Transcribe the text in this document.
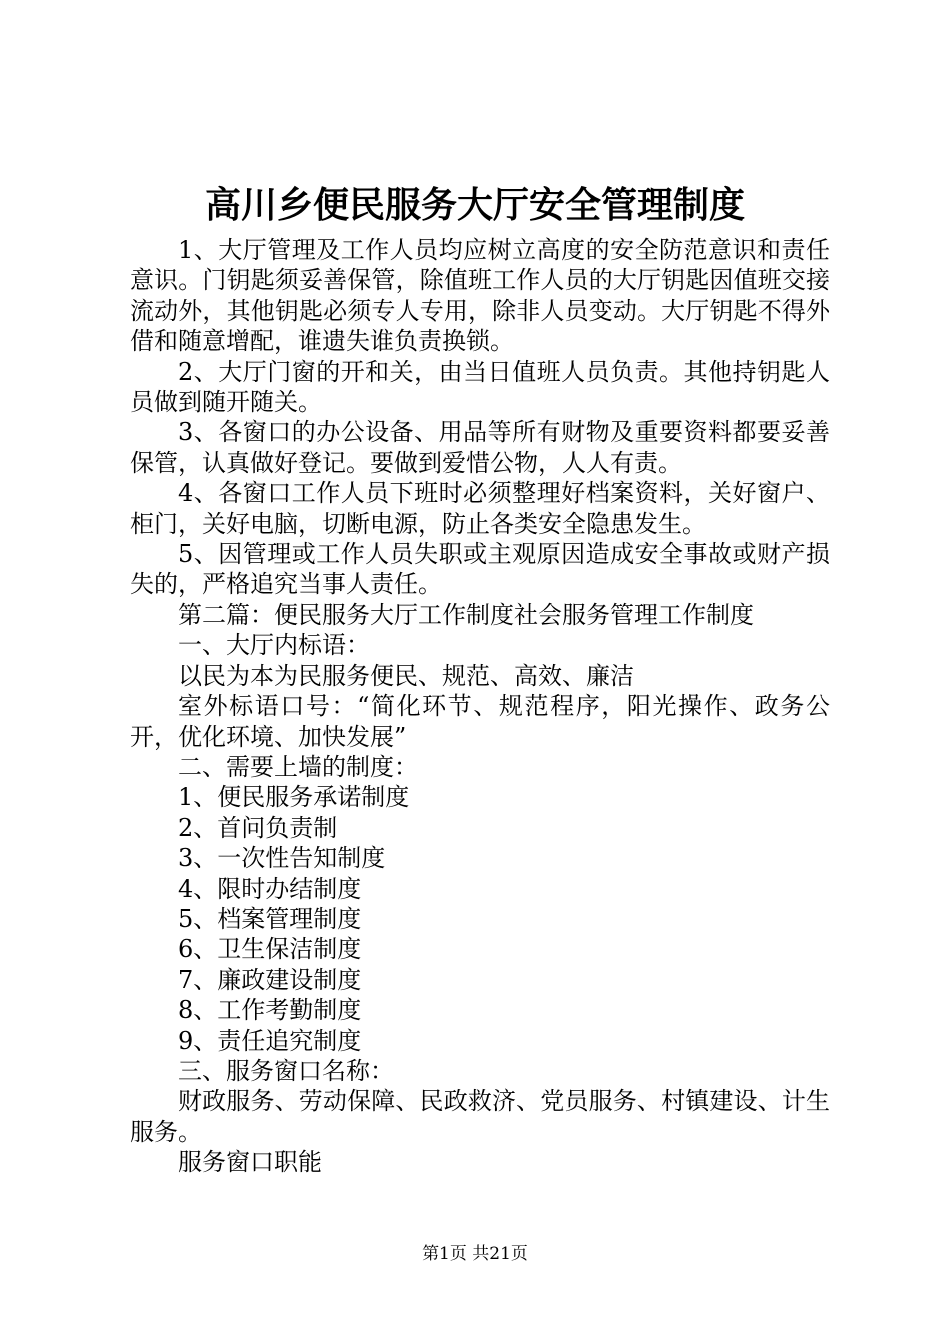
高川乡便民服务大厅安全管理制度

1、大厅管理及工作人员均应树立高度的安全防范意识和责任意识。门钥匙须妥善保管，除值班工作人员的大厅钥匙因值班交接流动外，其他钥匙必须专人专用，除非人员变动。大厅钥匙不得外借和随意增配，谁遗失谁负责换锁。

2、大厅门窗的开和关，由当日值班人员负责。其他持钥匙人员做到随开随关。

3、各窗口的办公设备、用品等所有财物及重要资料都要妥善保管，认真做好登记。要做到爱惜公物，人人有责。

4、各窗口工作人员下班时必须整理好档案资料，关好窗户、柜门，关好电脑，切断电源，防止各类安全隐患发生。

5、因管理或工作人员失职或主观原因造成安全事故或财产损失的，严格追究当事人责任。

第二篇：便民服务大厅工作制度社会服务管理工作制度

一、大厅内标语：

以民为本为民服务便民、规范、高效、廉洁

室外标语口号：“简化环节、规范程序，阳光操作、政务公开，优化环境、加快发展”

二、需要上墙的制度：

1、便民服务承诺制度

2、首问负责制

3、一次性告知制度

4、限时办结制度

5、档案管理制度

6、卫生保洁制度

7、廉政建设制度

8、工作考勤制度

9、责任追究制度

三、服务窗口名称：

财政服务、劳动保障、民政救济、党员服务、村镇建设、计生服务。

服务窗口职能

第1页 共21页
